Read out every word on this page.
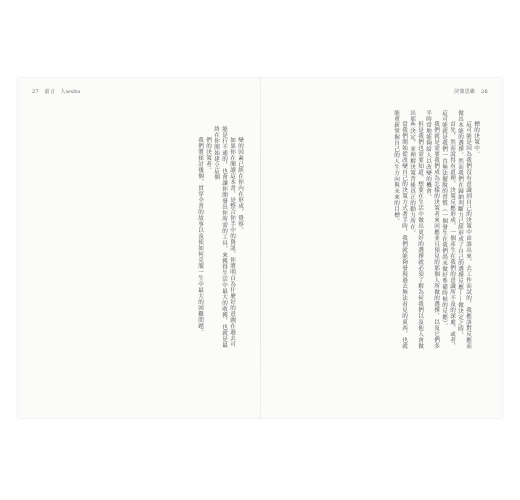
27 前言　人wslts	決策思維 26

變的因素已經在你內在形成，覺察。

如果你在閱讀這本書，是整合你手中的資訊，你將明白為什麼好的意圖在過去可能是行不通的，也會讓你開發出你所需的工具，來獲得生活中最大的收獲，也就是最終在你開始建立這個

們的決策者。

我們將探討幾個，貫穿全書的故事以及使如何克服一生中最大的困難問題。	標的決策中。

這可能是因為我們沒有意識到自己的決策中由誰出來，去工作而試的，我應該對反應而做出本能的選擇。然而我們在歸納判斷力已經形成了自己的選擇反應——做決定之時。

首先，然而說得有道理，決策反應形成，一個產生在我們的意識所不及的深處。或者，這可能就是我們一直無法擺脫的習慣（一個發生在我們尚未做好準備時候的反應）。

我們就是需要我們成為怎樣的決策者來回應並且預見的那個人所做的選擇，以及它們多半時常地能夠給人以改變的機會。

但是我們也需要知道，想要在生活中做出更好的選擇就必須了解為何我們以及他人會做出那些決定，並理解決策背後真正的動力所在。

當我們開始從改變自己的決策方式著手時，我們就能夠發現過去無法看見的東西，也就能重新掌握自己的人生方向與未來的目標。
